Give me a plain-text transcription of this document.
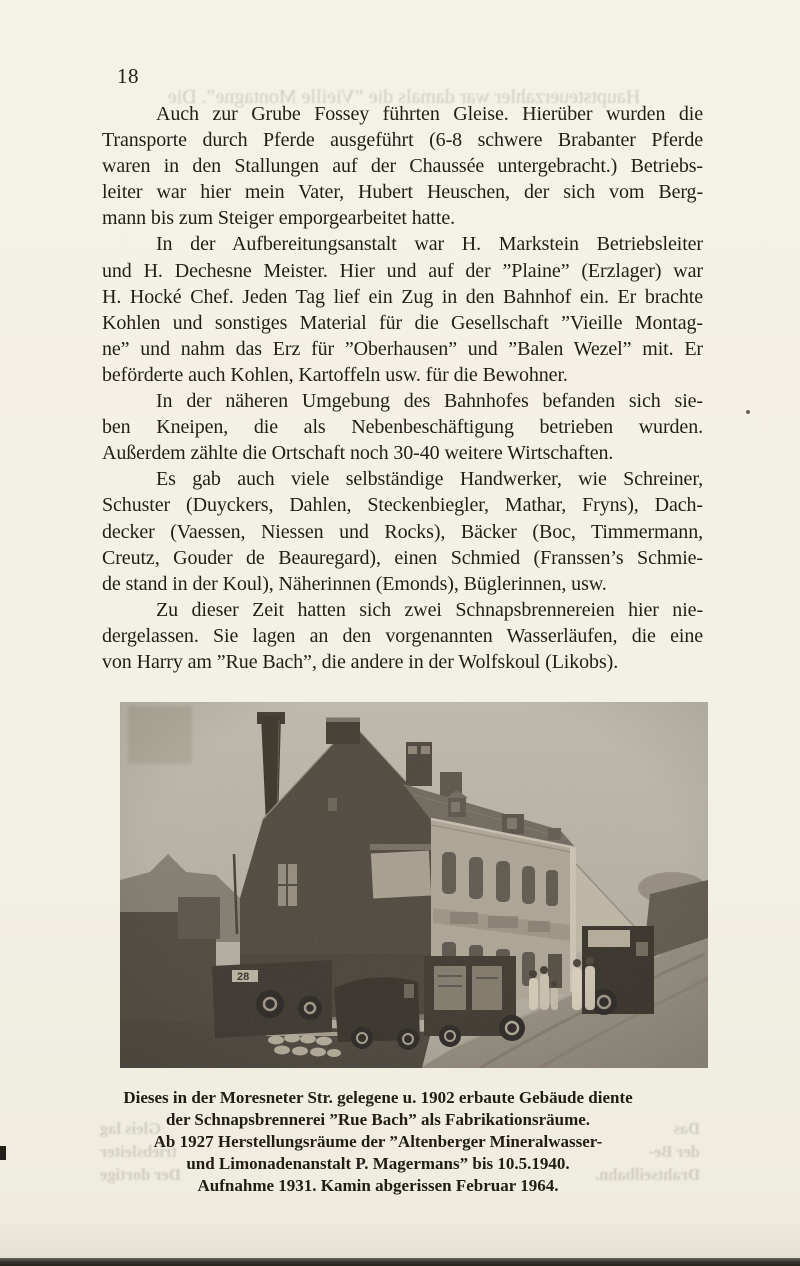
18
Hauptsteuerzahler war damals die ”Vieille Montagne”. Die
Auch zur Grube Fossey führten Gleise. Hierüber wurden die
Transporte durch Pferde ausgeführt (6-8 schwere Brabanter Pferde
waren in den Stallungen auf der Chaussée untergebracht.) Betriebs-
leiter war hier mein Vater, Hubert Heuschen, der sich vom Berg-
mann bis zum Steiger emporgearbeitet hatte.
In der Aufbereitungsanstalt war H. Markstein Betriebsleiter
und H. Dechesne Meister. Hier und auf der ”Plaine” (Erzlager) war
H. Hocké Chef. Jeden Tag lief ein Zug in den Bahnhof ein. Er brachte
Kohlen und sonstiges Material für die Gesellschaft ”Vieille Montag-
ne” und nahm das Erz für ”Oberhausen” und ”Balen Wezel” mit. Er
beförderte auch Kohlen, Kartoffeln usw. für die Bewohner.
In der näheren Umgebung des Bahnhofes befanden sich sie-
ben Kneipen, die als Nebenbeschäftigung betrieben wurden.
Außerdem zählte die Ortschaft noch 30-40 weitere Wirtschaften.
Es gab auch viele selbständige Handwerker, wie Schreiner,
Schuster (Duyckers, Dahlen, Steckenbiegler, Mathar, Fryns), Dach-
decker (Vaessen, Niessen und Rocks), Bäcker (Boc, Timmermann,
Creutz, Gouder de Beauregard), einen Schmied (Franssen’s Schmie-
de stand in der Koul), Näherinnen (Emonds), Büglerinnen, usw.
Zu dieser Zeit hatten sich zwei Schnapsbrennereien hier nie-
dergelassen. Sie lagen an den vorgenannten Wasserläufen, die eine
von Harry am ”Rue Bach”, die andere in der Wolfskoul (Likobs).
Dieses in der Moresneter Str. gelegene u. 1902 erbaute Gebäude diente
der Schnapsbrennerei ”Rue Bach” als Fabrikationsräume.
Ab 1927 Herstellungsräume der ”Altenberger Mineralwasser-
und Limonadenanstalt P. Magermans” bis 10.5.1940.
Aufnahme 1931. Kamin abgerissen Februar 1964.
Das
Gleis lag
der Be-
triebsleiter
Drahtseilbahn.
Der dortige
